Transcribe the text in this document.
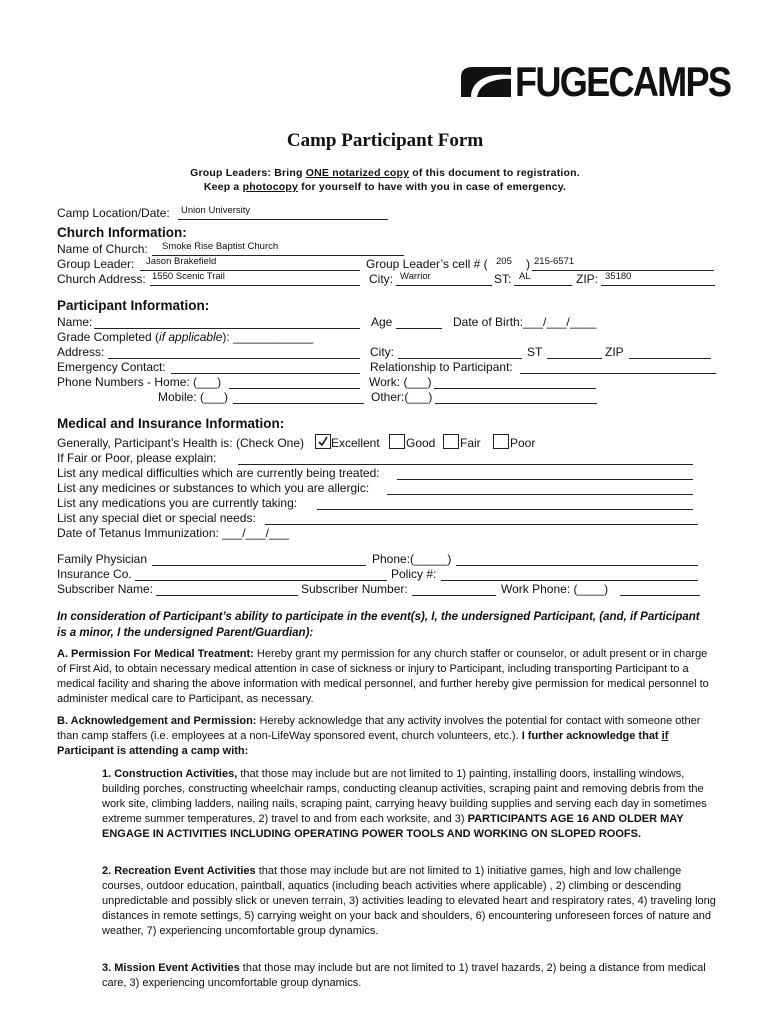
FUGECAMPS
Camp Participant Form
Group Leaders: Bring ONE notarized copy of this document to registration.
Keep a photocopy for yourself to have with you in case of emergency.
Camp Location/Date: Union University
Church Information:
Name of Church: Smoke Rise Baptist Church
Group Leader: Jason Brakefield	Group Leader’s cell # ( 205 ) 215-6571
Church Address: 1550 Scenic Trail	City: Warrior	ST: AL	ZIP: 35180
Participant Information:
Name:	Age	Date of Birth:___/___/____
Grade Completed (if applicable): ____________
Address:	City:	ST	ZIP
Emergency Contact:	Relationship to Participant:
Phone Numbers - Home: (___)	Work: (___)
Mobile: (___)	Other:(___)
Medical and Insurance Information:
Generally, Participant’s Health is: (Check One) Excellent Good Fair Poor
If Fair or Poor, please explain:
List any medical difficulties which are currently being treated:
List any medicines or substances to which you are allergic:
List any medications you are currently taking:
List any special diet or special needs:
Date of Tetanus Immunization: ___/___/___
Family Physician	Phone:(_____)
Insurance Co.	Policy #:
Subscriber Name:	Subscriber Number:	Work Phone: (____)
In consideration of Participant’s ability to participate in the event(s), I, the undersigned Participant, (and, if Participant is a minor, I the undersigned Parent/Guardian):
A. Permission For Medical Treatment: Hereby grant my permission for any church staffer or counselor, or adult present or in charge of First Aid, to obtain necessary medical attention in case of sickness or injury to Participant, including transporting Participant to a medical facility and sharing the above information with medical personnel, and further hereby give permission for medical personnel to administer medical care to Participant, as necessary.
B. Acknowledgement and Permission: Hereby acknowledge that any activity involves the potential for contact with someone other than camp staffers (i.e. employees at a non-LifeWay sponsored event, church volunteers, etc.). I further acknowledge that if Participant is attending a camp with:
1. Construction Activities, that those may include but are not limited to 1) painting, installing doors, installing windows, building porches, constructing wheelchair ramps, conducting cleanup activities, scraping paint and removing debris from the work site, climbing ladders, nailing nails, scraping paint, carrying heavy building supplies and serving each day in sometimes extreme summer temperatures, 2) travel to and from each worksite, and 3) PARTICIPANTS AGE 16 AND OLDER MAY ENGAGE IN ACTIVITIES INCLUDING OPERATING POWER TOOLS AND WORKING ON SLOPED ROOFS.
2. Recreation Event Activities that those may include but are not limited to 1) initiative games, high and low challenge courses, outdoor education, paintball, aquatics (including beach activities where applicable) , 2) climbing or descending unpredictable and possibly slick or uneven terrain, 3) activities leading to elevated heart and respiratory rates, 4) traveling long distances in remote settings, 5) carrying weight on your back and shoulders, 6) encountering unforeseen forces of nature and weather, 7) experiencing uncomfortable group dynamics.
3. Mission Event Activities that those may include but are not limited to 1) travel hazards, 2) being a distance from medical care, 3) experiencing uncomfortable group dynamics.
